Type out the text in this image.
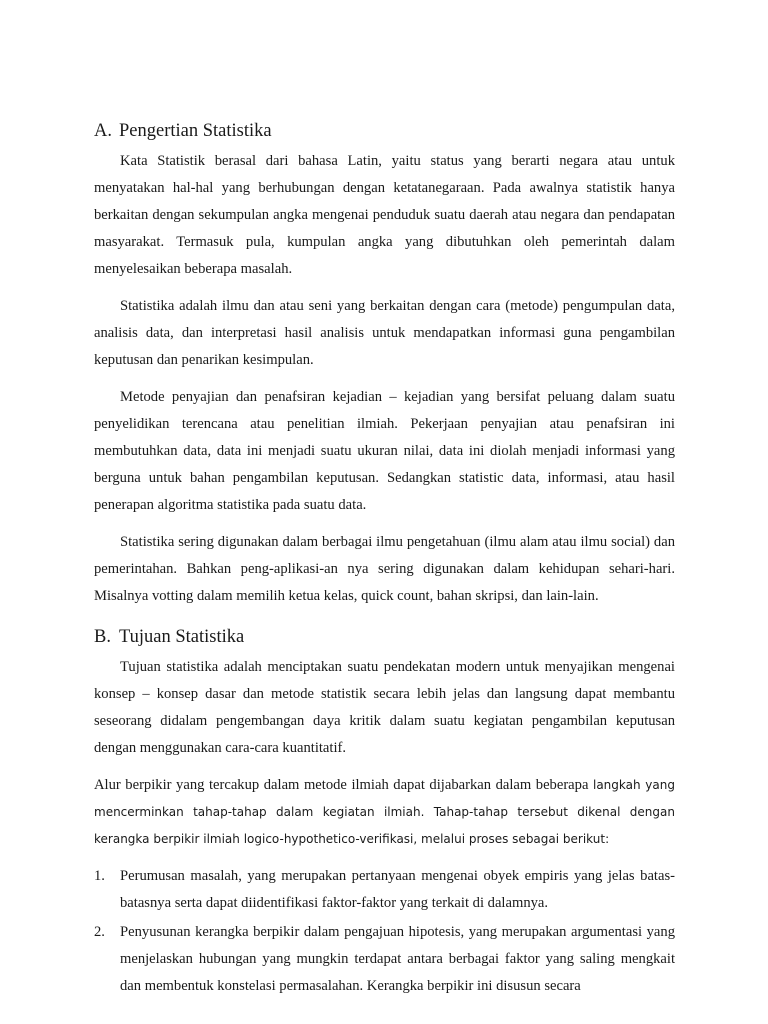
A. Pengertian Statistika

Kata Statistik berasal dari bahasa Latin, yaitu status yang berarti negara atau untuk menyatakan hal-hal yang berhubungan dengan ketatanegaraan. Pada awalnya statistik hanya berkaitan dengan sekumpulan angka mengenai penduduk suatu daerah atau negara dan pendapatan masyarakat. Termasuk pula, kumpulan angka yang dibutuhkan oleh pemerintah dalam menyelesaikan beberapa masalah.

Statistika adalah ilmu dan atau seni yang berkaitan dengan cara (metode) pengumpulan data, analisis data, dan interpretasi hasil analisis untuk mendapatkan informasi guna pengambilan keputusan dan penarikan kesimpulan.

Metode penyajian dan penafsiran kejadian – kejadian yang bersifat peluang dalam suatu penyelidikan terencana atau penelitian ilmiah. Pekerjaan penyajian atau penafsiran ini membutuhkan data, data ini menjadi suatu ukuran nilai, data ini diolah menjadi informasi yang berguna untuk bahan pengambilan keputusan. Sedangkan statistic data, informasi, atau hasil penerapan algoritma statistika pada suatu data.

Statistika sering digunakan dalam berbagai ilmu pengetahuan (ilmu alam atau ilmu social) dan pemerintahan. Bahkan peng-aplikasi-an nya sering digunakan dalam kehidupan sehari-hari. Misalnya votting dalam memilih ketua kelas, quick count, bahan skripsi, dan lain-lain.

B. Tujuan Statistika

Tujuan statistika adalah menciptakan suatu pendekatan modern untuk menyajikan mengenai konsep – konsep dasar dan metode statistik secara lebih jelas dan langsung dapat membantu seseorang didalam pengembangan daya kritik dalam suatu kegiatan pengambilan keputusan dengan menggunakan cara-cara kuantitatif.

Alur berpikir yang tercakup dalam metode ilmiah dapat dijabarkan dalam beberapa langkah yang mencerminkan tahap-tahap dalam kegiatan ilmiah. Tahap-tahap tersebut dikenal dengan kerangka berpikir ilmiah logico-hypothetico-verifikasi, melalui proses sebagai berikut:

1.	Perumusan masalah, yang merupakan pertanyaan mengenai obyek empiris yang jelas batas-batasnya serta dapat diidentifikasi faktor-faktor yang terkait di dalamnya.
2.	Penyusunan kerangka berpikir dalam pengajuan hipotesis, yang merupakan argumentasi yang menjelaskan hubungan yang mungkin terdapat antara berbagai faktor yang saling mengkait dan membentuk konstelasi permasalahan. Kerangka berpikir ini disusun secara
